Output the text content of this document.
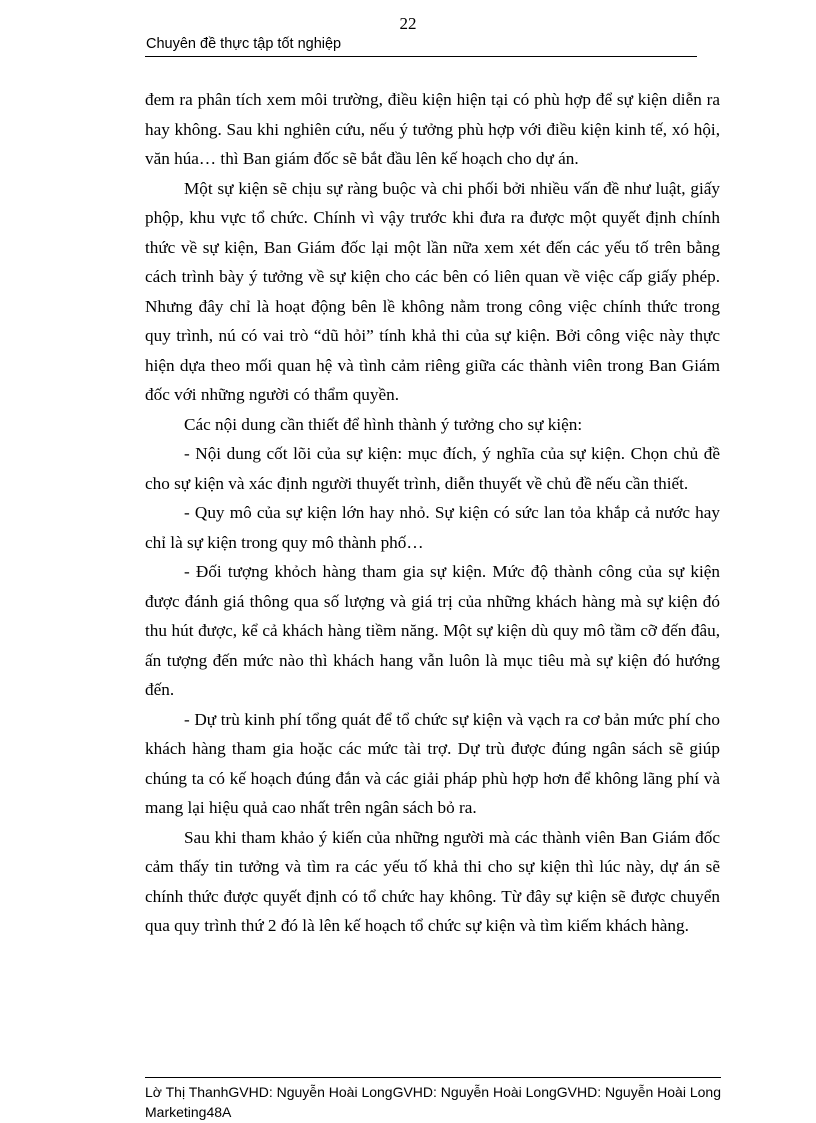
22
Chuyên đề thực tập tốt nghiệp

đem ra phân tích xem môi trường, điều kiện hiện tại có phù hợp để sự kiện diễn ra hay không. Sau khi nghiên cứu, nếu ý tưởng phù hợp với điều kiện kinh tế, xó hội, văn húa… thì Ban giám đốc sẽ bắt đầu lên kế hoạch cho dự án.

Một sự kiện sẽ chịu sự ràng buộc và chi phối bởi nhiều vấn đề như luật, giấy phộp, khu vực tổ chức. Chính vì vậy trước khi đưa ra được một quyết định chính thức về sự kiện, Ban Giám đốc lại một lần nữa xem xét đến các yếu tố trên bằng cách trình bày ý tưởng về sự kiện cho các bên có liên quan về việc cấp giấy phép. Nhưng đây chỉ là hoạt động bên lề không nằm trong công việc chính thức trong quy trình, nú có vai trò “dũ hỏi” tính khả thi của sự kiện. Bởi công việc này thực hiện dựa theo mối quan hệ và tình cảm riêng giữa các thành viên trong Ban Giám đốc với những người có thẩm quyền.

Các nội dung cần thiết để hình thành ý tưởng cho sự kiện:

- Nội dung cốt lõi của sự kiện: mục đích, ý nghĩa của sự kiện. Chọn chủ đề cho sự kiện và xác định người thuyết trình, diễn thuyết về chủ đề nếu cần thiết.

- Quy mô của sự kiện lớn hay nhỏ. Sự kiện có sức lan tỏa khắp cả nước hay chỉ là sự kiện trong quy mô thành phố…

- Đối tượng khỏch hàng tham gia sự kiện. Mức độ thành công của sự kiện được đánh giá thông qua số lượng và giá trị của những khách hàng mà sự kiện đó thu hút được, kể cả khách hàng tiềm năng. Một sự kiện dù quy mô tầm cỡ đến đâu, ấn tượng đến mức nào thì khách hang vẫn luôn là mục tiêu mà sự kiện đó hướng đến.

- Dự trù kinh phí tổng quát để tổ chức sự kiện và vạch ra cơ bản mức phí cho khách hàng tham gia hoặc các mức tài trợ. Dự trù được đúng ngân sách sẽ giúp chúng ta có kế hoạch đúng đắn và các giải pháp phù hợp hơn để không lãng phí và mang lại hiệu quả cao nhất trên ngân sách bỏ ra.

Sau khi tham khảo ý kiến của những người mà các thành viên Ban Giám đốc cảm thấy tin tưởng và tìm ra các yếu tố khả thi cho sự kiện thì lúc này, dự án sẽ chính thức được quyết định có tổ chức hay không. Từ đây sự kiện sẽ được chuyển qua quy trình thứ 2 đó là lên kế hoạch tổ chức sự kiện và tìm kiếm khách hàng.

Lờ Thị ThanhGVHD: Nguyễn Hoài LongGVHD: Nguyễn Hoài LongGVHD: Nguyễn Hoài Long
Marketing48A
